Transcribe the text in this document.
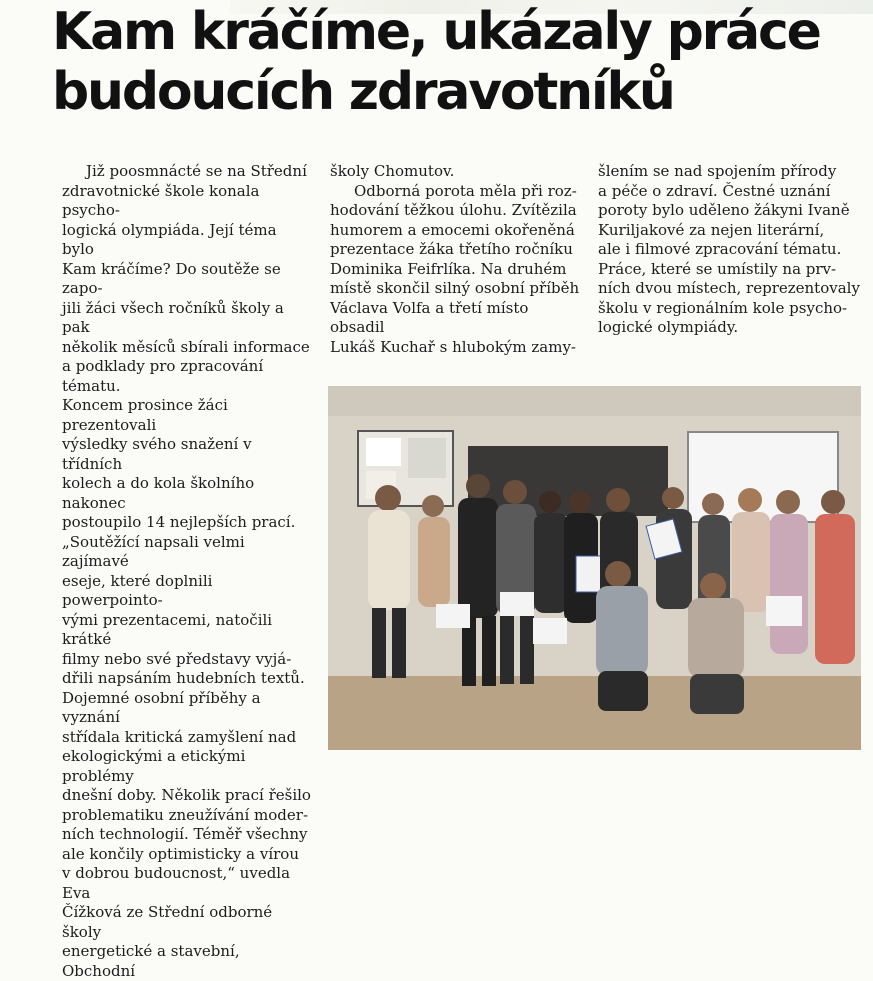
Kam kráčíme, ukázaly práce
budoucích zdravotníků

Již poosmnácté se na Střední

zdravotnické škole konala psycho-

logická olympiáda. Její téma bylo

Kam kráčíme? Do soutěže se zapo-

jili žáci všech ročníků školy a pak

několik měsíců sbírali informace

a podklady pro zpracování tématu.

Koncem prosince žáci prezentovali

výsledky svého snažení v třídních

kolech a do kola školního nakonec

postoupilo 14 nejlepších prací.

„Soutěžící napsali velmi zajímavé

eseje, které doplnili powerpointo-

vými prezentacemi, natočili krátké

filmy nebo své představy vyjá-

dřili napsáním hudebních textů.

Dojemné osobní příběhy a vyznání

střídala kritická zamyšlení nad

ekologickými a etickými problémy

dnešní doby. Několik prací řešilo

problematiku zneužívání moder-

ních technologií. Téměř všechny

ale končily optimisticky a vírou

v dobrou budoucnost,“ uvedla Eva

Čížková ze Střední odborné školy

energetické a stavební, Obchodní

školy Chomutov.

Odborná porota měla při roz-

hodování těžkou úlohu. Zvítězila

humorem a emocemi okořeněná

prezentace žáka třetího ročníku

Dominika Feifrlíka. Na druhém

místě skončil silný osobní příběh

Václava Volfa a třetí místo obsadil

Lukáš Kuchař s hlubokým zamy-

šlením se nad spojením přírody

a péče o zdraví. Čestné uznání

poroty bylo uděleno žákyni Ivaně

Kuriljakové za nejen literární,

ale i filmové zpracování tématu.

Práce, které se umístily na prv-

ních dvou místech, reprezentovaly

školu v regionálním kole psycho-

logické olympiády.
